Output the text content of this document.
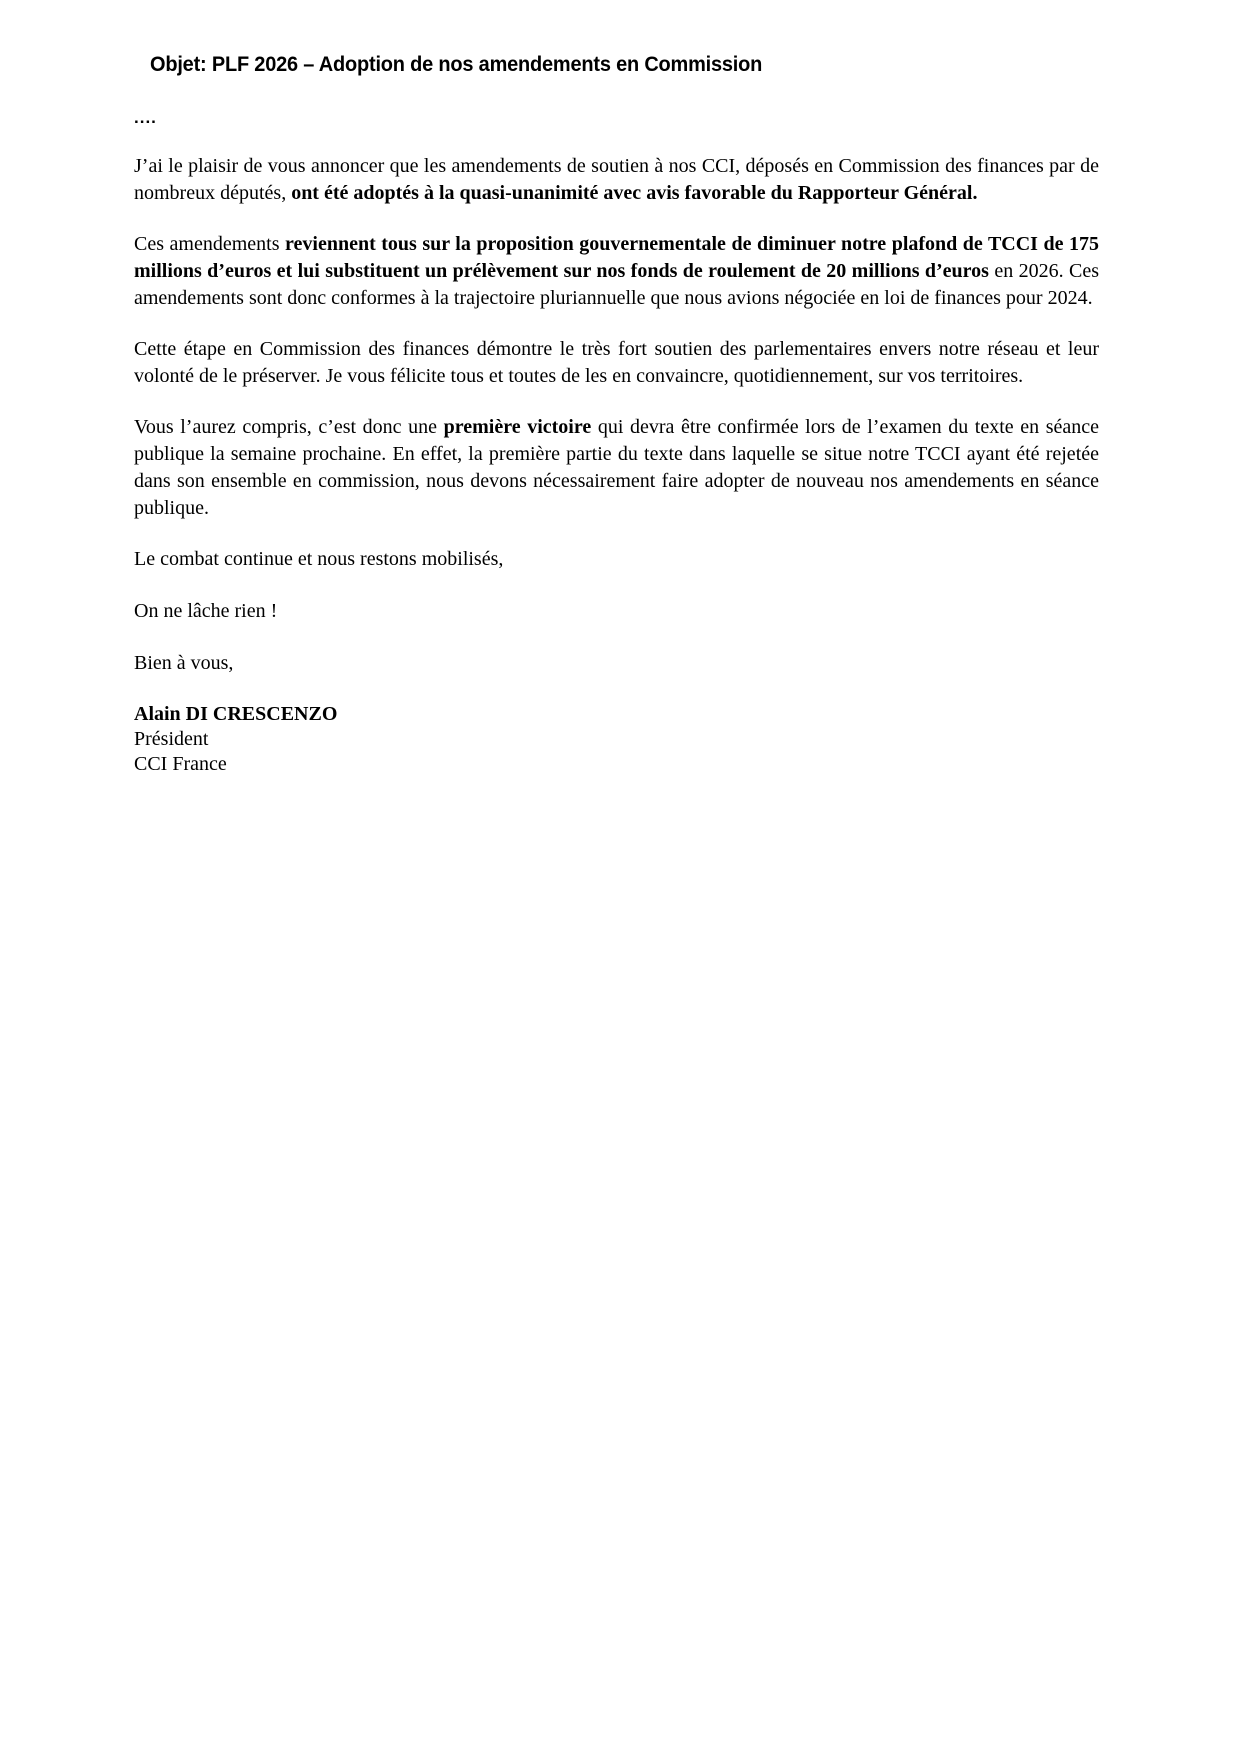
Objet: PLF 2026 – Adoption de nos amendements en Commission

....

J’ai le plaisir de vous annoncer que les amendements de soutien à nos CCI, déposés en Commission des finances par de nombreux députés, ont été adoptés à la quasi-unanimité avec avis favorable du Rapporteur Général.

Ces amendements reviennent tous sur la proposition gouvernementale de diminuer notre plafond de TCCI de 175 millions d’euros et lui substituent un prélèvement sur nos fonds de roulement de 20 millions d’euros en 2026. Ces amendements sont donc conformes à la trajectoire pluriannuelle que nous avions négociée en loi de finances pour 2024.

Cette étape en Commission des finances démontre le très fort soutien des parlementaires envers notre réseau et leur volonté de le préserver. Je vous félicite tous et toutes de les en convaincre, quotidiennement, sur vos territoires.

Vous l’aurez compris, c’est donc une première victoire qui devra être confirmée lors de l’examen du texte en séance publique la semaine prochaine. En effet, la première partie du texte dans laquelle se situe notre TCCI ayant été rejetée dans son ensemble en commission, nous devons nécessairement faire adopter de nouveau nos amendements en séance publique.

Le combat continue et nous restons mobilisés,

On ne lâche rien !

Bien à vous,

Alain DI CRESCENZO

Président

CCI France
